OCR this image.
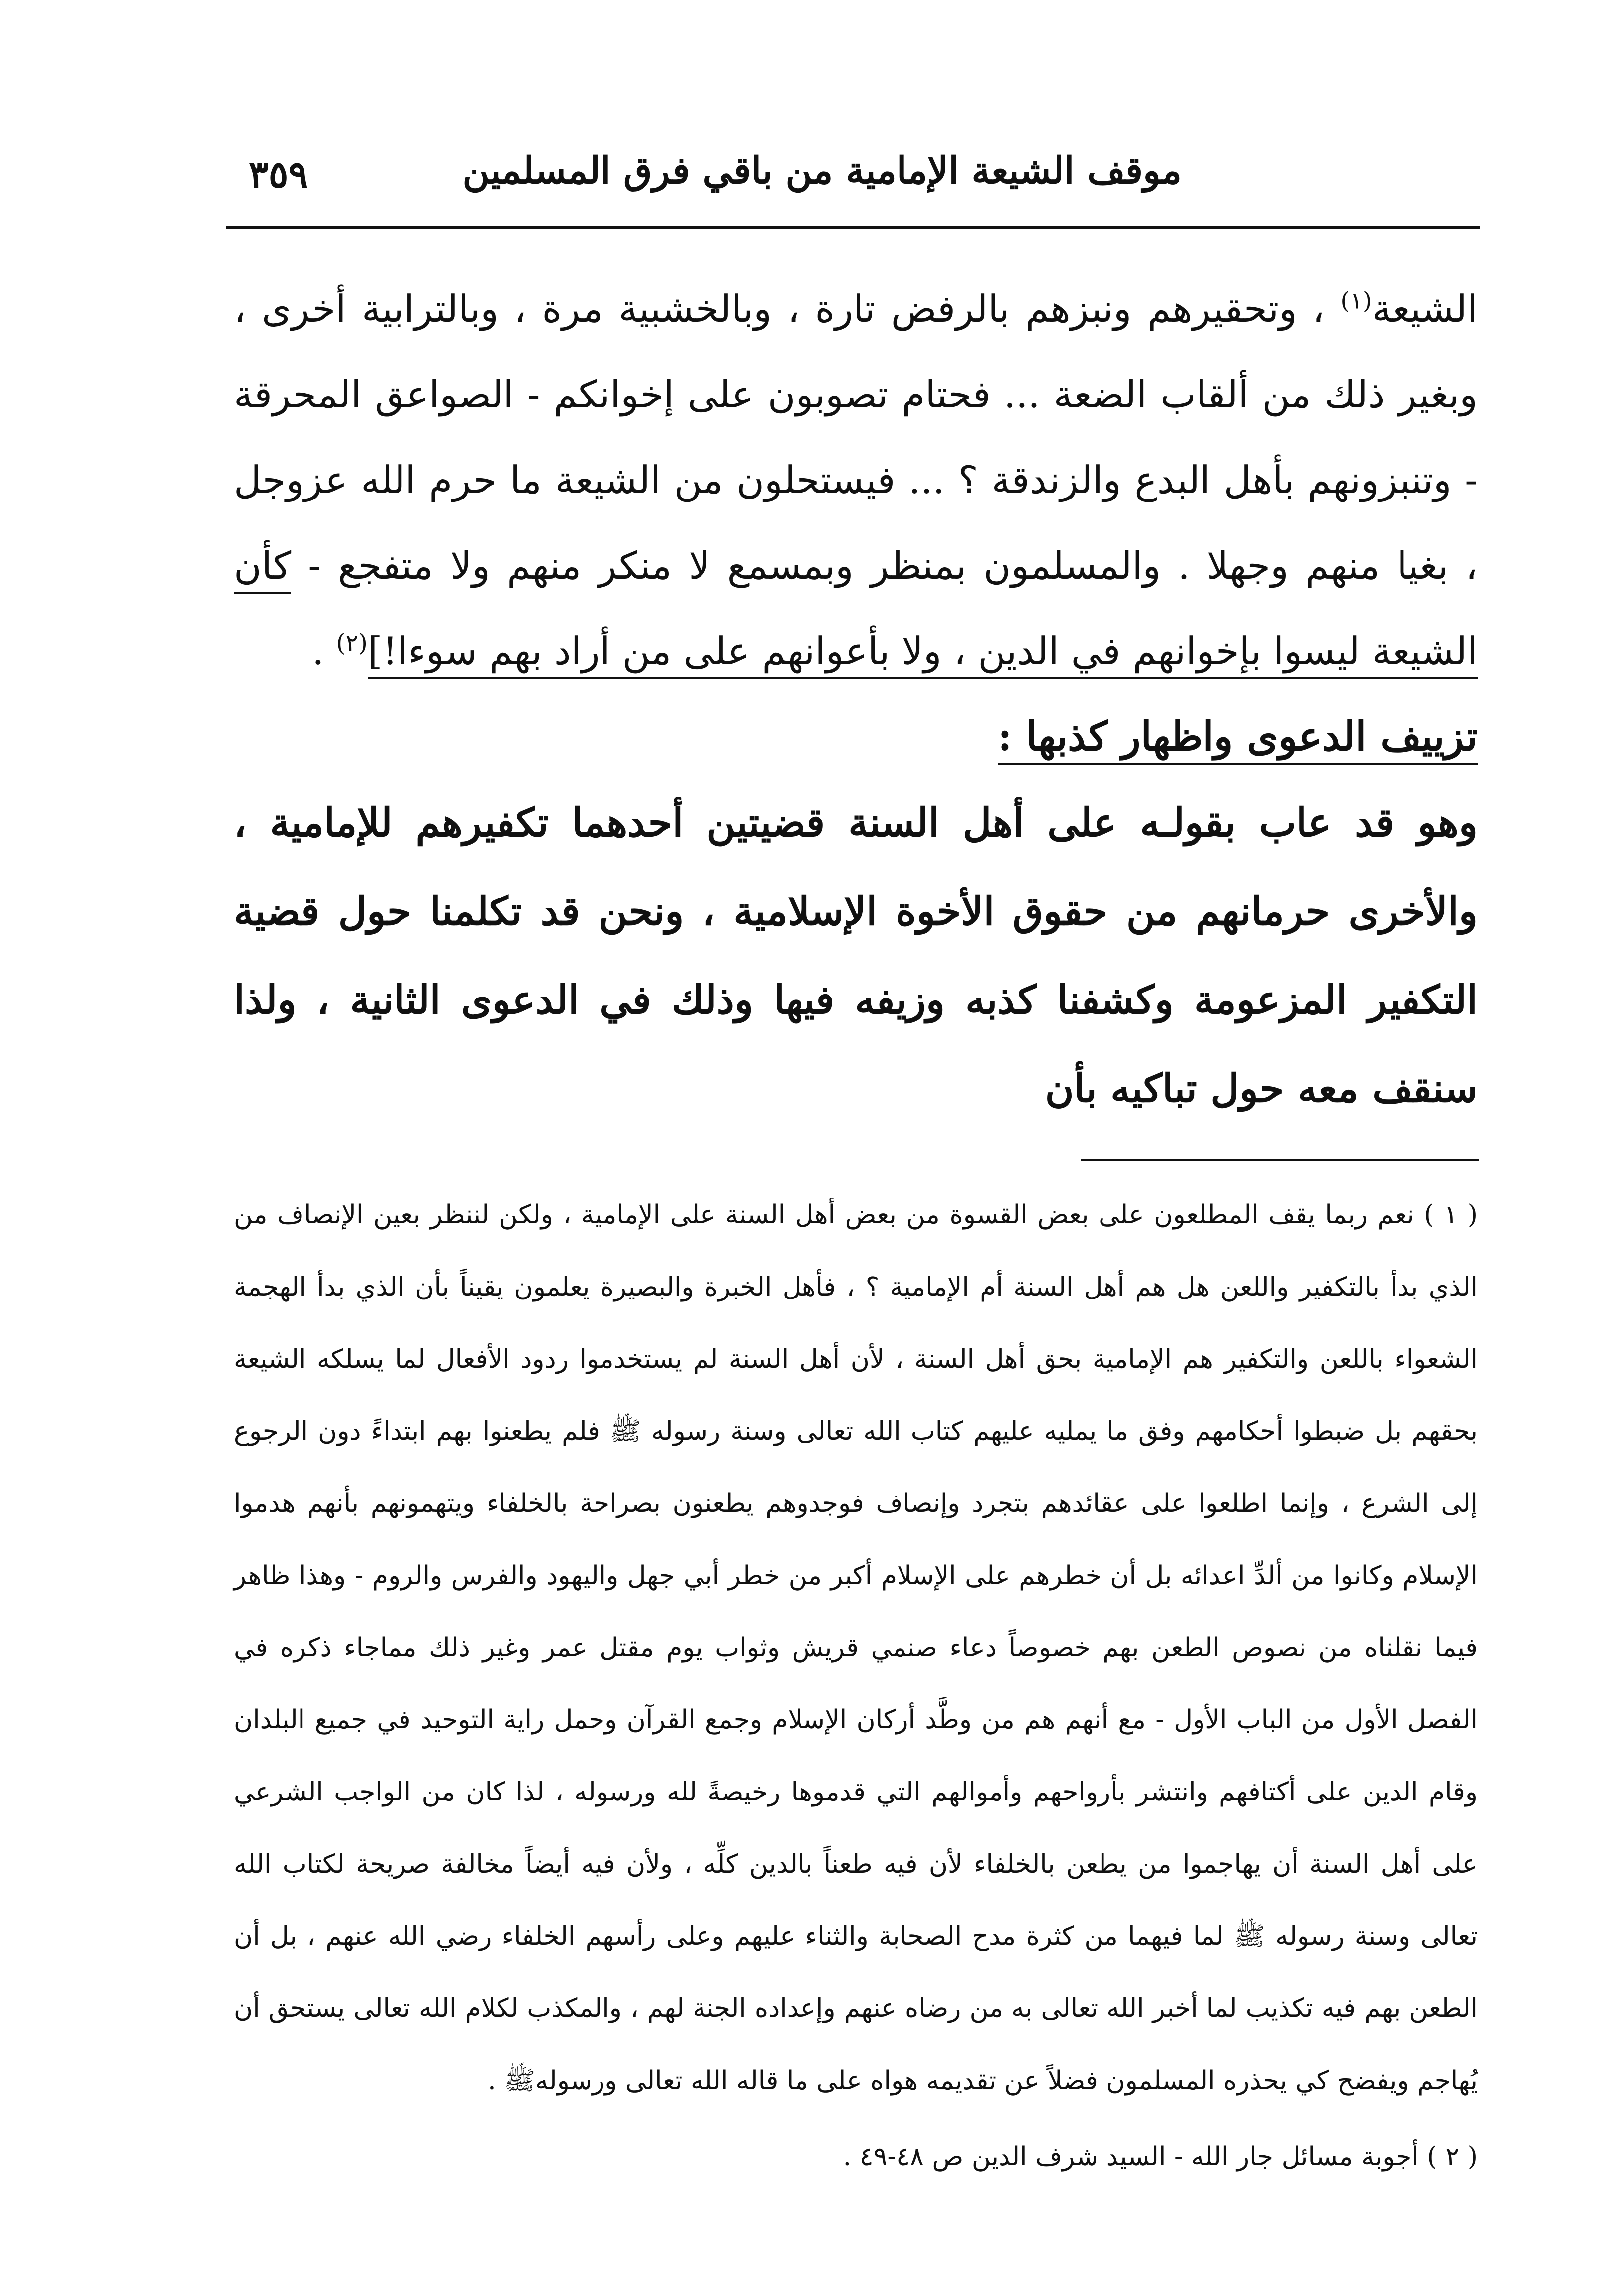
موقف الشيعة الإمامية من باقي فرق المسلمين
٣٥٩

الشيعة$^{(١)}$ ، وتحقيرهم ونبزهم بالرفض تارة ، وبالخشبية مرة ، وبالترابية أخرى ، وبغير ذلك من ألقاب الضعة ... فحتام تصوبون على إخوانكم - الصواعق المحرقة - وتنبزونهم بأهل البدع والزندقة ؟ ... فيستحلون من الشيعة ما حرم الله عزوجل ، بغيا منهم وجهلا . والمسلمون بمنظر وبمسمع لا منكر منهم ولا متفجع - كأن الشيعة ليسوا بإخوانهم في الدين ، ولا بأعوانهم على من أراد بهم سوءا!]$^{(٢)}$ .

تزييف الدعوى واظهار كذبها :

وهو قد عاب بقولـه على أهل السنة قضيتين أحدهما تكفيرهم للإمامية ، والأخرى حرمانهم من حقوق الأخوة الإسلامية ، ونحن قد تكلمنا حول قضية التكفير المزعومة وكشفنا كذبه وزيفه فيها وذلك في الدعوى الثانية ، ولذا سنقف معه حول تباكيه بأن

( ١ ) نعم ربما يقف المطلعون على بعض القسوة من بعض أهل السنة على الإمامية ، ولكن لننظر بعين الإنصاف من الذي بدأ بالتكفير واللعن هل هم أهل السنة أم الإمامية ؟ ، فأهل الخبرة والبصيرة يعلمون يقيناً بأن الذي بدأ الهجمة الشعواء باللعن والتكفير هم الإمامية بحق أهل السنة ، لأن أهل السنة لم يستخدموا ردود الأفعال لما يسلكه الشيعة بحقهم بل ضبطوا أحكامهم وفق ما يمليه عليهم كتاب الله تعالى وسنة رسوله ﷺ فلم يطعنوا بهم ابتداءً دون الرجوع إلى الشرع ، وإنما اطلعوا على عقائدهم بتجرد وإنصاف فوجدوهم يطعنون بصراحة بالخلفاء ويتهمونهم بأنهم هدموا الإسلام وكانوا من ألدِّ اعدائه بل أن خطرهم على الإسلام أكبر من خطر أبي جهل واليهود والفرس والروم - وهذا ظاهر فيما نقلناه من نصوص الطعن بهم خصوصاً دعاء صنمي قريش وثواب يوم مقتل عمر وغير ذلك مماجاء ذكره في الفصل الأول من الباب الأول - مع أنهم هم من وطَّد أركان الإسلام وجمع القرآن وحمل راية التوحيد في جميع البلدان وقام الدين على أكتافهم وانتشر بأرواحهم وأموالهم التي قدموها رخيصةً لله ورسوله ، لذا كان من الواجب الشرعي على أهل السنة أن يهاجموا من يطعن بالخلفاء لأن فيه طعناً بالدين كلِّه ، ولأن فيه أيضاً مخالفة صريحة لكتاب الله تعالى وسنة رسوله ﷺ لما فيهما من كثرة مدح الصحابة والثناء عليهم وعلى رأسهم الخلفاء رضي الله عنهم ، بل أن الطعن بهم فيه تكذيب لما أخبر الله تعالى به من رضاه عنهم وإعداده الجنة لهم ، والمكذب لكلام الله تعالى يستحق أن يُهاجم ويفضح كي يحذره المسلمون فضلاً عن تقديمه هواه على ما قاله الله تعالى ورسولهﷺ .

( ٢ ) أجوبة مسائل جار الله - السيد شرف الدين ص ٤٨-٤٩ .
